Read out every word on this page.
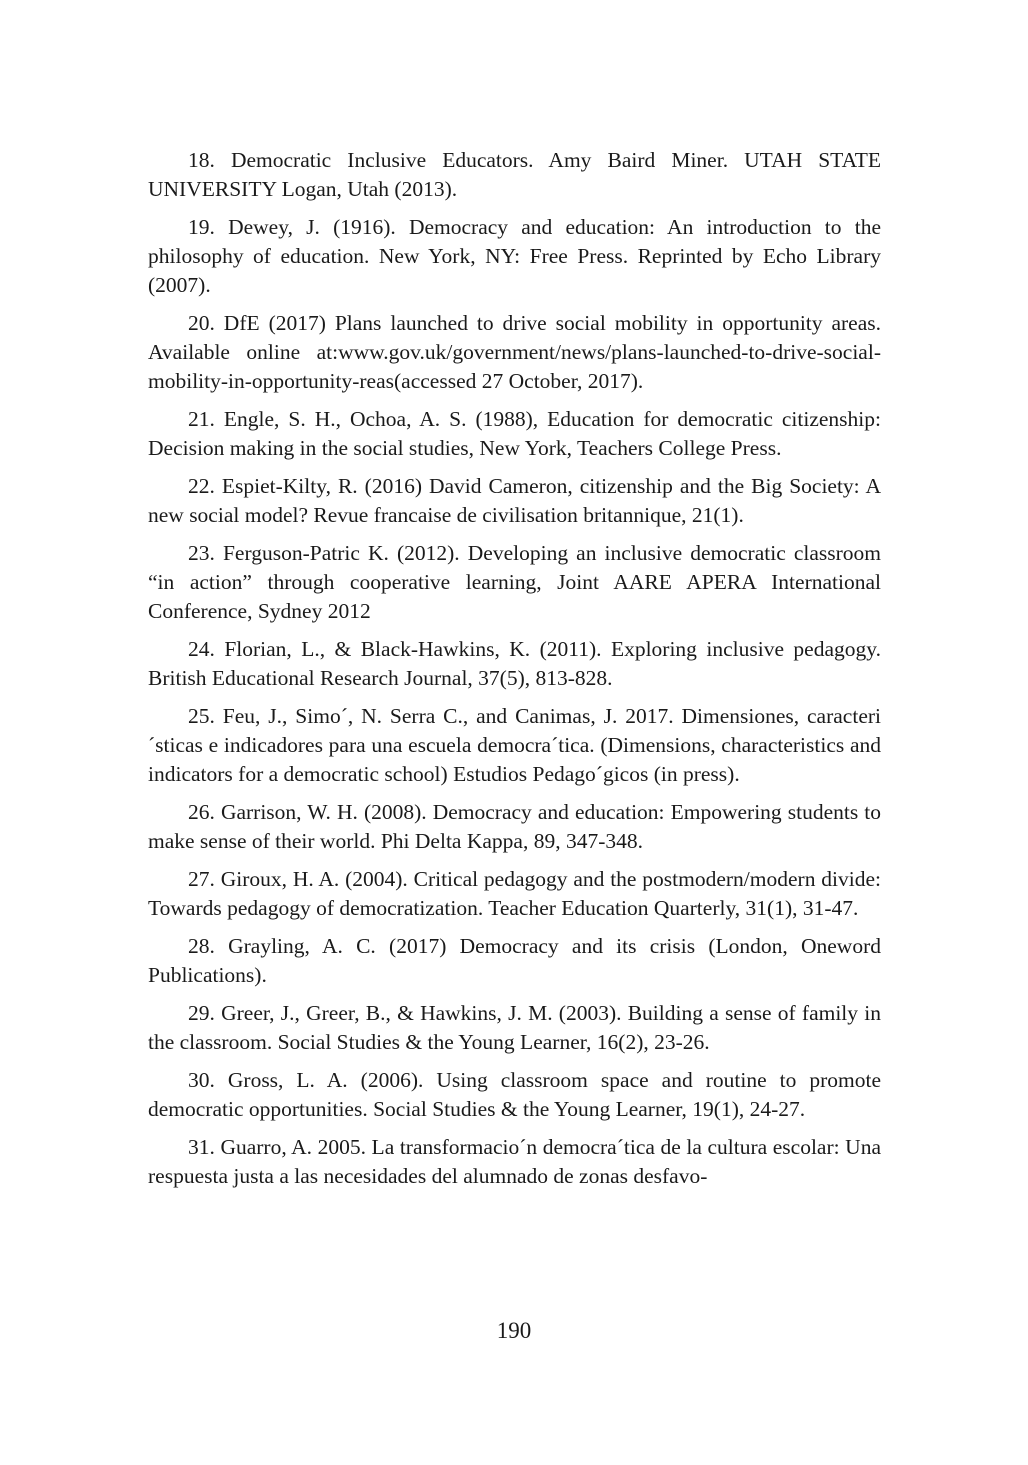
18. Democratic Inclusive Educators. Amy Baird Miner. UTAH STATE UNIVERSITY Logan, Utah (2013).

19. Dewey, J. (1916). Democracy and education: An introduction to the philosophy of education. New York, NY: Free Press. Reprinted by Echo Library (2007).

20. DfE (2017) Plans launched to drive social mobility in opportunity areas. Available online at:www.gov.uk/government/news/plans-launched-to-​drive-social-mobility-in-opportunity-reas(accessed 27 October, 2017).

21. Engle, S. H., Ochoa, A. S. (1988), Education for democratic citizenship: Decision making in the social studies, New York, Teachers College Press.

22. Espiet-Kilty, R. (2016) David Cameron, citizenship and the Big Society: A new social model? Revue francaise de civilisation britannique, 21(1).

23. Ferguson-Patric K. (2012). Developing an inclusive democratic classroom “in action” through cooperative learning, Joint AARE APERA International Conference, Sydney 2012

24. Florian, L., & Black-Hawkins, K. (2011). Exploring inclusive pedagogy. British Educational Research Journal, 37(5), 813-828.

25. Feu, J., Simo´, N. Serra C., and Canimas, J. 2017. Dimensiones, caracteri´sticas e indicadores para una escuela democra´tica. (Dimensions, characteristics and indicators for a democratic school) Estudios Pedago´gicos (in press).

26. Garrison, W. H. (2008). Democracy and education: Empowering students to make sense of their world. Phi Delta Kappa, 89, 347-348.

27. Giroux, H. A. (2004). Critical pedagogy and the postmodern/modern divide: Towards pedagogy of democratization. Teacher Education Quarterly, 31(1), 31-47.

28. Grayling, A. C. (2017) Democracy and its crisis (London, Oneword Publications).

29. Greer, J., Greer, B., & Hawkins, J. M. (2003). Building a sense of family in the classroom. Social Studies & the Young Learner, 16(2), 23-26.

30. Gross, L. A. (2006). Using classroom space and routine to promote democratic opportunities. Social Studies & the Young Learner, 19(1), 24-27.

31. Guarro, A. 2005. La transformacio´n democra´tica de la cultura escolar: Una respuesta justa a las necesidades del alumnado de zonas desfavo-

190
